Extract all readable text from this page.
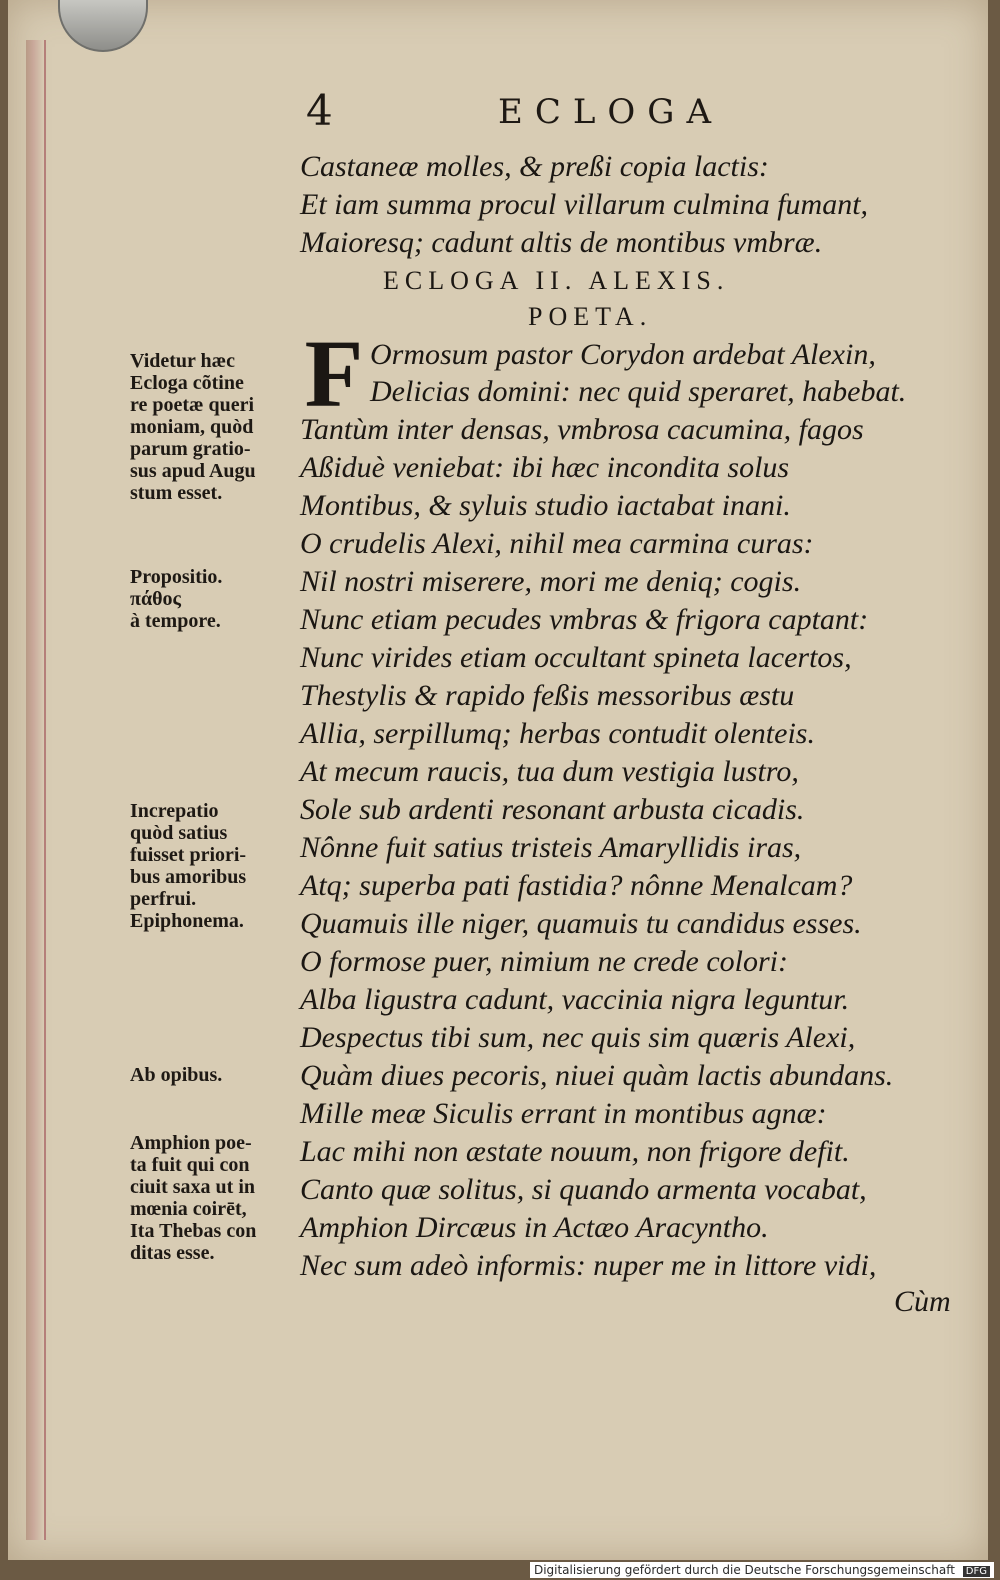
4	ECLOGA
Castaneæ molles, & preßi copia lactis:
Et iam summa procul villarum culmina fumant,
Maioresq; cadunt altis de montibus vmbræ.
ECLOGA II. ALEXIS.
POETA.
F Ormosum pastor Corydon ardebat Alexin,
Delicias domini: nec quid speraret, habebat.
Tantùm inter densas, vmbrosa cacumina, fagos
Aßiduè veniebat: ibi hæc incondita solus
Montibus, & syluis studio iactabat inani.
O crudelis Alexi, nihil mea carmina curas:
Nil nostri miserere, mori me deniq; cogis.
Nunc etiam pecudes vmbras & frigora captant:
Nunc virides etiam occultant spineta lacertos,
Thestylis & rapido feßis messoribus æstu
Allia, serpillumq; herbas contudit olenteis.
At mecum raucis, tua dum vestigia lustro,
Sole sub ardenti resonant arbusta cicadis.
Nônne fuit satius tristeis Amaryllidis iras,
Atq; superba pati fastidia? nônne Menalcam?
Quamuis ille niger, quamuis tu candidus esses.
O formose puer, nimium ne crede colori:
Alba ligustra cadunt, vaccinia nigra leguntur.
Despectus tibi sum, nec quis sim quæris Alexi,
Quàm diues pecoris, niuei quàm lactis abundans.
Mille meæ Siculis errant in montibus agnæ:
Lac mihi non æstate nouum, non frigore defit.
Canto quæ solitus, si quando armenta vocabat,
Amphion Dircæus in Actæo Aracyntho.
Nec sum adeò informis: nuper me in littore vidi,
Cùm
Videtur hæc
Ecloga cõtine
re poetæ queri
moniam, quòd
parum gratio-
sus apud Augu
stum esset.
Propositio.
πάθος
à tempore.
Increpatio
quòd satius
fuisset priori-
bus amoribus
perfrui.
Epiphonema.
Ab opibus.
Amphion poe-
ta fuit qui con
ciuit saxa ut in
mœnia coirēt,
Ita Thebas con
ditas esse.
Digitalisierung gefördert durch die Deutsche Forschungsgemeinschaft DFG
